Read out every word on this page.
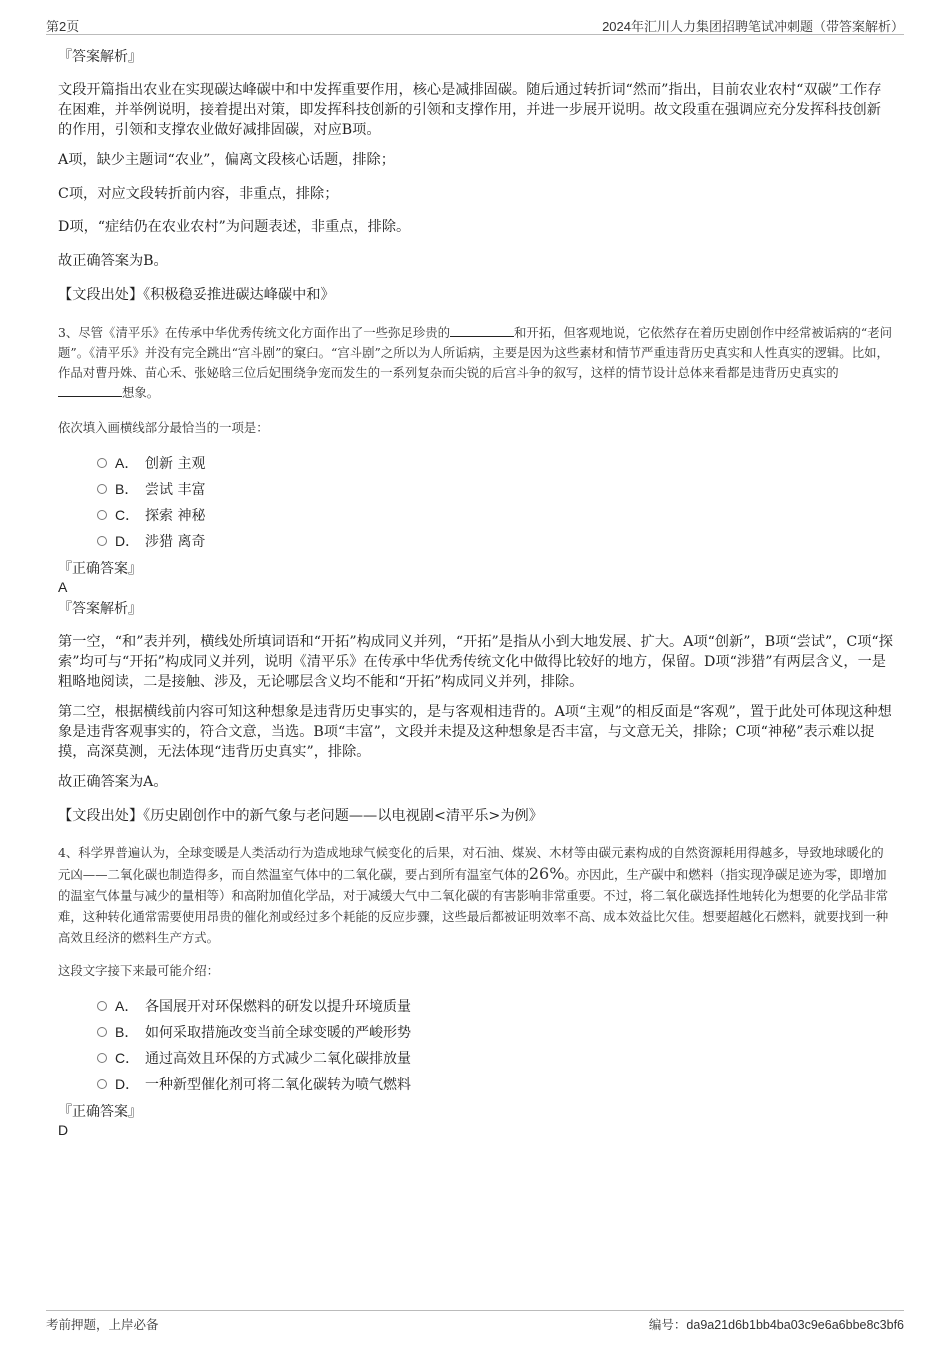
第2页	2024年汇川人力集团招聘笔试冲刺题（带答案解析）
『答案解析』
文段开篇指出农业在实现碳达峰碳中和中发挥重要作用，核心是减排固碳。随后通过转折词“然而”指出，目前农业农村“双碳”工作存在困难，并举例说明，接着提出对策，即发挥科技创新的引领和支撑作用，并进一步展开说明。故文段重在强调应充分发挥科技创新的作用，引领和支撑农业做好减排固碳，对应B项。
A项，缺少主题词“农业”，偏离文段核心话题，排除；
C项，对应文段转折前内容，非重点，排除；
D项，“症结仍在农业农村”为问题表述，非重点，排除。
故正确答案为B。
【文段出处】《积极稳妥推进碳达峰碳中和》
3、尽管《清平乐》在传承中华优秀传统文化方面作出了一些弥足珍贵的	和开拓，但客观地说，它依然存在着历史剧创作中经常被诟病的“老问题”。《清平乐》并没有完全跳出“宫斗剧”的窠臼。“宫斗剧”之所以为人所诟病，主要是因为这些素材和情节严重违背历史真实和人性真实的逻辑。比如，作品对曹丹姝、苗心禾、张妼晗三位后妃围绕争宠而发生的一系列复杂而尖锐的后宫斗争的叙写，这样的情节设计总体来看都是违背历史真实的想象。
依次填入画横线部分最恰当的一项是：
A． 创新 主观
B． 尝试 丰富
C． 探索 神秘
D． 涉猎 离奇
『正确答案』
A
『答案解析』
第一空，“和”表并列，横线处所填词语和“开拓”构成同义并列，“开拓”是指从小到大地发展、扩大。A项“创新”，B项“尝试”，C项“探索”均可与“开拓”构成同义并列，说明《清平乐》在传承中华优秀传统文化中做得比较好的地方，保留。D项“涉猎”有两层含义，一是粗略地阅读，二是接触、涉及，无论哪层含义均不能和“开拓”构成同义并列，排除。
第二空，根据横线前内容可知这种想象是违背历史事实的，是与客观相违背的。A项“主观”的相反面是“客观”，置于此处可体现这种想象是违背客观事实的，符合文意，当选。B项“丰富”，文段并未提及这种想象是否丰富，与文意无关，排除；C项“神秘”表示难以捉摸，高深莫测，无法体现“违背历史真实”，排除。
故正确答案为A。
【文段出处】《历史剧创作中的新气象与老问题——以电视剧<清平乐>为例》
4、科学界普遍认为，全球变暖是人类活动行为造成地球气候变化的后果，对石油、煤炭、木材等由碳元素构成的自然资源耗用得越多，导致地球暖化的元凶——二氧化碳也制造得多，而自然温室气体中的二氧化碳，要占到所有温室气体的26%。亦因此，生产碳中和燃料（指实现净碳足迹为零，即增加的温室气体量与减少的量相等）和高附加值化学品，对于减缓大气中二氧化碳的有害影响非常重要。不过，将二氧化碳选择性地转化为想要的化学品非常难，这种转化通常需要使用昂贵的催化剂或经过多个耗能的反应步骤，这些最后都被证明效率不高、成本效益比欠佳。想要超越化石燃料，就要找到一种高效且经济的燃料生产方式。
这段文字接下来最可能介绍：
A． 各国展开对环保燃料的研发以提升环境质量
B． 如何采取措施改变当前全球变暖的严峻形势
C． 通过高效且环保的方式减少二氧化碳排放量
D． 一种新型催化剂可将二氧化碳转为喷气燃料
『正确答案』
D
考前押题，上岸必备	编号：da9a21d6b1bb4ba03c9e6a6bbe8c3bf6
